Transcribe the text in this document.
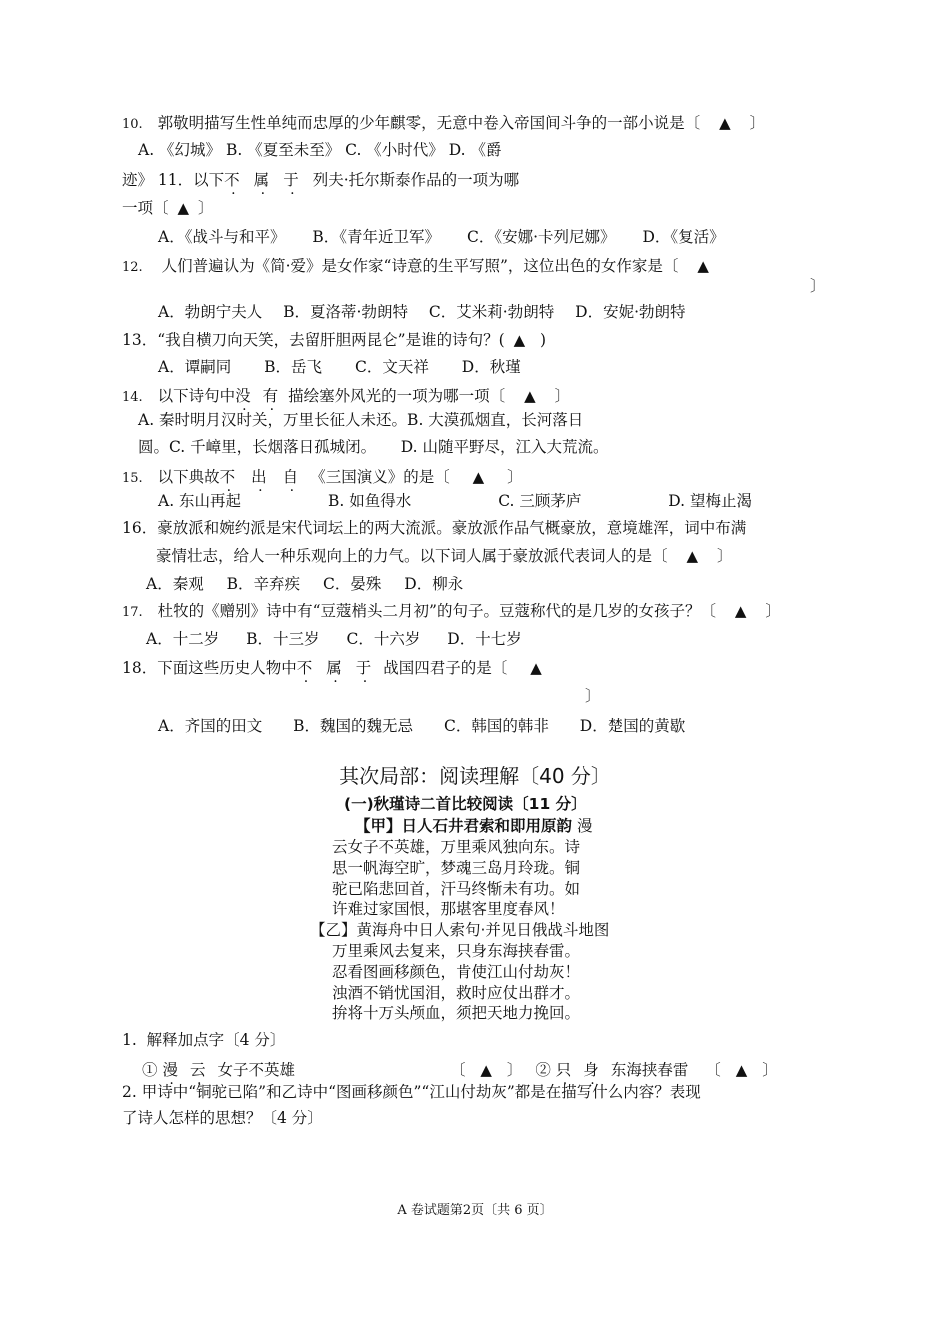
10. 郭敬明描写生性单纯而忠厚的少年麒零，无意中卷入帝国间斗争的一部小说是〔 ▲ 〕
A. 《幻城》 B. 《夏至未至》 C. 《小时代》 D. 《爵
迹》 11．以下不 属 于 列夫·托尔斯泰作品的一项为哪
一项〔 ▲ 〕
A．《战斗与和平》 B．《青年近卫军》 C．《安娜·卡列尼娜》 D．《复活》
12. 人们普遍认为《简·爱》是女作家“诗意的生平写照”，这位出色的女作家是〔 ▲
〕
A．勃朗宁夫人 B．夏洛蒂·勃朗特 C．艾米莉·勃朗特 D．安妮·勃朗特
13．“我自横刀向天笑，去留肝胆两昆仑”是谁的诗句？( ▲ )
A．谭嗣同 B．岳飞 C．文天祥 D．秋瑾
14. 以下诗句中没 有 描绘塞外风光的一项为哪一项〔 ▲ 〕
A. 秦时明月汉时关，万里长征人未还。B. 大漠孤烟直，长河落日
圆。C. 千嶂里，长烟落日孤城闭。     D. 山随平野尽，江入大荒流。
15. 以下典故不 出 自 《三国演义》的是〔 ▲ 〕
A. 东山再起	B. 如鱼得水	C. 三顾茅庐	D. 望梅止渴
16．豪放派和婉约派是宋代词坛上的两大流派。豪放派作品气概豪放，意境雄浑，词中布满
豪情壮志，给人一种乐观向上的力气。以下词人属于豪放派代表词人的是〔 ▲ 〕
A．秦观 B．辛弃疾 C．晏殊 D．柳永
17. 杜牧的《赠别》诗中有“豆蔻梢头二月初”的句子。豆蔻称代的是几岁的女孩子？〔 ▲ 〕
A．十二岁 B．十三岁 C．十六岁 D．十七岁
18．下面这些历史人物中不 属 于 战国四君子的是〔 ▲
〕
A．齐国的田文 B．魏国的魏无忌 C．韩国的韩非 D．楚国的黄歇
其次局部：阅读理解〔40 分〕
(一)秋瑾诗二首比较阅读〔11 分〕
【甲】日人石井君索和即用原韵 漫
云女子不英雄，万里乘风独向东。诗
思一帆海空旷，梦魂三岛月玲珑。铜
驼已陷悲回首，汗马终惭未有功。如
许难过家国恨，那堪客里度春风！
【乙】黄海舟中日人索句·并见日俄战斗地图
万里乘风去复来，只身东海挟春雷。
忍看图画移颜色，肯使江山付劫灰！
浊酒不销忧国泪，救时应仗出群才。
拚将十万头颅血，须把天地力挽回。
1.  解释加点字〔4 分〕
① 漫 云 女子不英雄	〔 ▲ 〕 ② 只 身 东海挟春雷 〔 ▲ 〕
2. 甲诗中“铜驼已陷”和乙诗中“图画移颜色”“江山付劫灰”都是在描写什么内容？表现
了诗人怎样的思想？〔4 分〕
A 卷试题第2页〔共 6 页〕
